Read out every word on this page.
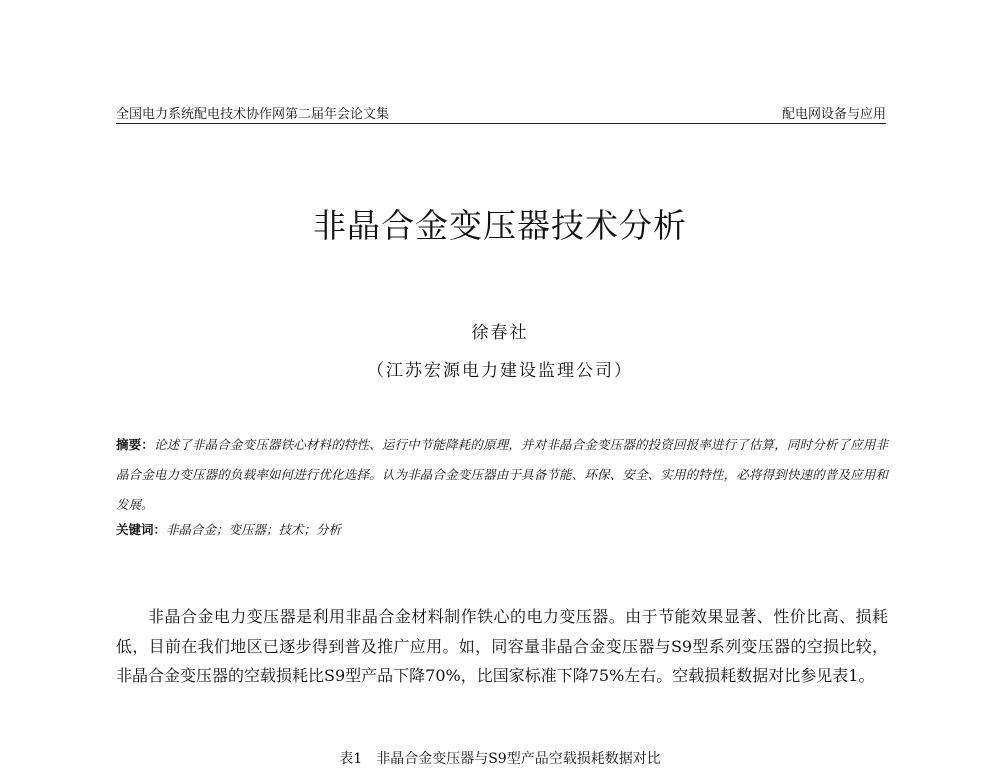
全国电力系统配电技术协作网第二届年会论文集	配电网设备与应用
非晶合金变压器技术分析
徐春社
（江苏宏源电力建设监理公司）
摘要：论述了非晶合金变压器铁心材料的特性、运行中节能降耗的原理，并对非晶合金变压器的投资回报率进行了估算，同时分析了应用非晶合金电力变压器的负载率如何进行优化选择。认为非晶合金变压器由于具备节能、环保、安全、实用的特性，必将得到快速的普及应用和发展。
关键词：非晶合金；变压器；技术；分析
非晶合金电力变压器是利用非晶合金材料制作铁心的电力变压器。由于节能效果显著、性价比高、损耗低，目前在我们地区已逐步得到普及推广应用。如，同容量非晶合金变压器与S9型系列变压器的空损比较，非晶合金变压器的空载损耗比S9型产品下降70%，比国家标准下降75%左右。空载损耗数据对比参见表1。
表1　非晶合金变压器与S9型产品空载损耗数据对比
